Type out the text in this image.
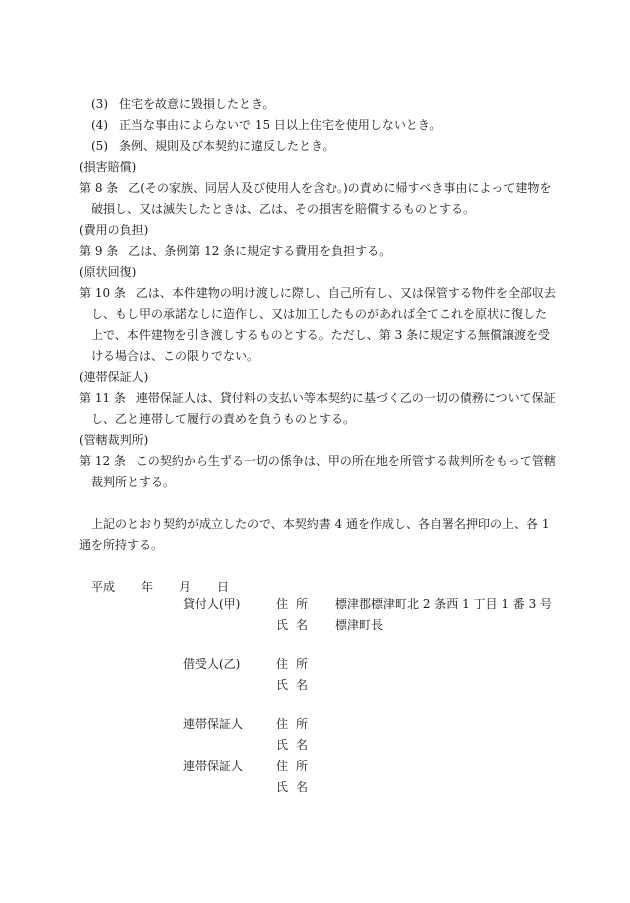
(3) 住宅を故意に毀損したとき。
(4) 正当な事由によらないで 15 日以上住宅を使用しないとき。
(5) 条例、規則及び本契約に違反したとき。
(損害賠償)
第 8 条 乙(その家族、同居人及び使用人を含む。)の責めに帰すべき事由によって建物を破損し、又は滅失したときは、乙は、その損害を賠償するものとする。
(費用の負担)
第 9 条 乙は、条例第 12 条に規定する費用を負担する。
(原状回復)
第 10 条 乙は、本件建物の明け渡しに際し、自己所有し、又は保管する物件を全部収去し、もし甲の承諾なしに造作し、又は加工したものがあれば全てこれを原状に復した上で、本件建物を引き渡しするものとする。ただし、第 3 条に規定する無償譲渡を受ける場合は、この限りでない。
(連帯保証人)
第 11 条 連帯保証人は、貸付料の支払い等本契約に基づく乙の一切の債務について保証し、乙と連帯して履行の責めを負うものとする。
(管轄裁判所)
第 12 条 この契約から生ずる一切の係争は、甲の所在地を所管する裁判所をもって管轄裁判所とする。
上記のとおり契約が成立したので、本契約書 4 通を作成し、各自署名押印の上、各 1 通を所持する。
平成 年 月 日
貸付人(甲)	住所 標津郡標津町北 2 条西 1 丁目 1 番 3 号
氏名 標津町長
借受人(乙)	住所
氏名
連帯保証人	住所
氏名
連帯保証人	住所
氏名
